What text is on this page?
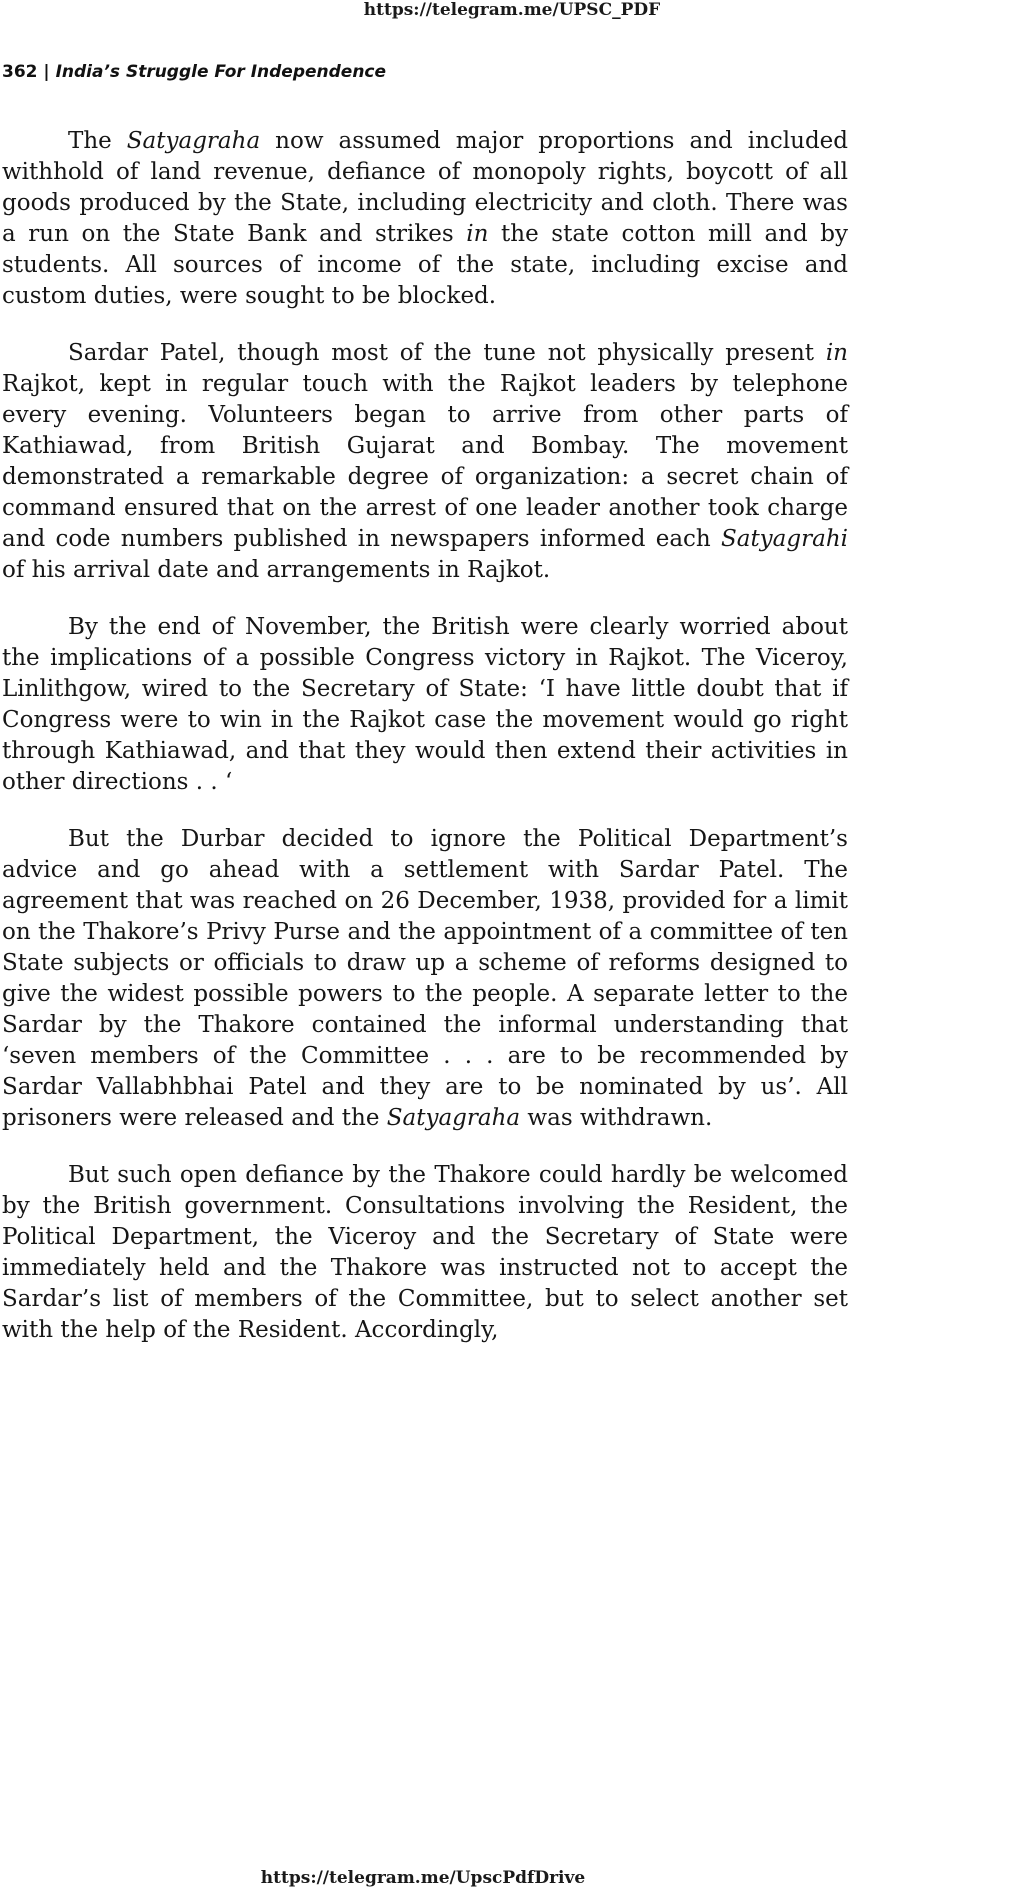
https://telegram.me/UPSC_PDF
362 | India’s Struggle For Independence

The Satyagraha now assumed major proportions and included withhold of land revenue, defiance of monopoly rights, boycott of all goods produced by the State, including electricity and cloth. There was a run on the State Bank and strikes in the state cotton mill and by students. All sources of income of the state, including excise and custom duties, were sought to be blocked.

Sardar Patel, though most of the tune not physically present in Rajkot, kept in regular touch with the Rajkot leaders by telephone every evening. Volunteers began to arrive from other parts of Kathiawad, from British Gujarat and Bombay. The movement demonstrated a remarkable degree of organization: a secret chain of command ensured that on the arrest of one leader another took charge and code numbers published in newspapers informed each Satyagrahi of his arrival date and arrangements in Rajkot.

By the end of November, the British were clearly worried about the implications of a possible Congress victory in Rajkot. The Viceroy, Linlithgow, wired to the Secretary of State: ‘I have little doubt that if Congress were to win in the Rajkot case the movement would go right through Kathiawad, and that they would then extend their activities in other directions . . ‘

But the Durbar decided to ignore the Political Department’s advice and go ahead with a settlement with Sardar Patel. The agreement that was reached on 26 December, 1938, provided for a limit on the Thakore’s Privy Purse and the appointment of a committee of ten State subjects or officials to draw up a scheme of reforms designed to give the widest possible powers to the people. A separate letter to the Sardar by the Thakore contained the informal understanding that ‘seven members of the Committee . . . are to be recommended by Sardar Vallabhbhai Patel and they are to be nominated by us’. All prisoners were released and the Satyagraha was withdrawn.

But such open defiance by the Thakore could hardly be welcomed by the British government. Consultations involving the Resident, the Political Department, the Viceroy and the Secretary of State were immediately held and the Thakore was instructed not to accept the Sardar’s list of members of the Committee, but to select another set with the help of the Resident. Accordingly,

https://telegram.me/UpscPdfDrive
